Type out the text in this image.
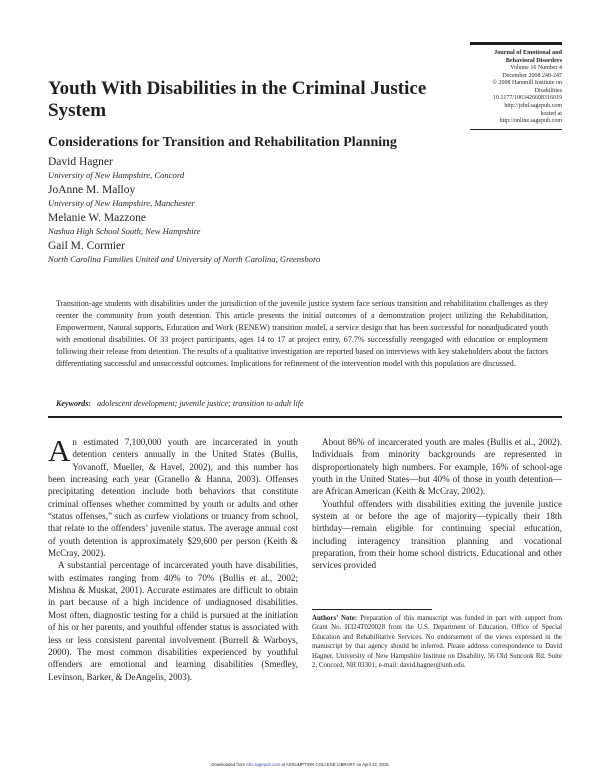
Journal of Emotional and
Behavioral Disorders
Volume 16 Number 4
December 2008 240-247
© 2008 Hammill Institute on
Disabilities
10.1177/1063426608316019
http://jebd.sagepub.com
hosted at
http://online.sagepub.com
Youth With Disabilities in the Criminal Justice System
Considerations for Transition and Rehabilitation Planning
David Hagner
University of New Hampshire, Concord
JoAnne M. Malloy
University of New Hampshire, Manchester
Melanie W. Mazzone
Nashua High School South, New Hampshire
Gail M. Cormier
North Carolina Families United and University of North Carolina, Greensboro
Transition-age students with disabilities under the jurisdiction of the juvenile justice system face serious transition and rehabilitation challenges as they reenter the community from youth detention. This article presents the initial outcomes of a demonstration project utilizing the Rehabilitation, Empowerment, Natural supports, Education and Work (RENEW) transition model, a service design that has been successful for nonadjudicated youth with emotional disabilities. Of 33 project participants, ages 14 to 17 at project entry, 67.7% successfully reengaged with education or employment following their release from detention. The results of a qualitative investigation are reported based on interviews with key stakeholders about the factors differentiating successful and unsuccessful outcomes. Implications for refinement of the intervention model with this population are discussed.
Keywords: adolescent development; juvenile justice; transition to adult life

An estimated 7,100,000 youth are incarcerated in youth detention centers annually in the United States (Bullis, Yovanoff, Mueller, & Havel, 2002), and this number has been increasing each year (Granello & Hanna, 2003). Offenses precipitating detention include both behaviors that constitute criminal offenses whether committed by youth or adults and other “status offenses,” such as curfew violations or truancy from school, that relate to the offenders’ juvenile status. The average annual cost of youth detention is approximately $29,600 per person (Keith & McCray, 2002).

A substantial percentage of incarcerated youth have disabilities, with estimates ranging from 40% to 70% (Bullis et al., 2002; Mishna & Muskat, 2001). Accurate estimates are difficult to obtain in part because of a high incidence of undiagnosed disabilities. Most often, diagnostic testing for a child is pursued at the initiation of his or her parents, and youthful offender status is associated with less or less consistent parental involvement (Burrell & Warboys, 2000). The most common disabilities experienced by youthful offenders are emotional and learning disabilities (Smedley, Levinson, Barker, & DeAngelis, 2003).

About 86% of incarcerated youth are males (Bullis et al., 2002). Individuals from minority backgrounds are represented in disproportionately high numbers. For example, 16% of school-age youth in the United States—but 40% of those in youth detention—are African American (Keith & McCray, 2002).

Youthful offenders with disabilities exiting the juvenile justice system at or before the age of majority—typically their 18th birthday—remain eligible for continuing special education, including interagency transition planning and vocational preparation, from their home school districts. Educational and other services provided

Authors’ Note: Preparation of this manuscript was funded in part with support from Grant No. H324T020028 from the U.S. Department of Education, Office of Special Education and Rehabilitative Services. No endorsement of the views expressed in the manuscript by that agency should be inferred. Please address correspondence to David Hagner, University of New Hampshire Institute on Disability, 56 Old Suncook Rd. Suite 2, Concord, NH 03301; e-mail: david.hagner@unh.edu.
Downloaded from ebx.sagepub.com at ASSUMPTION COLLEGE LIBRARY on April 22, 2015
